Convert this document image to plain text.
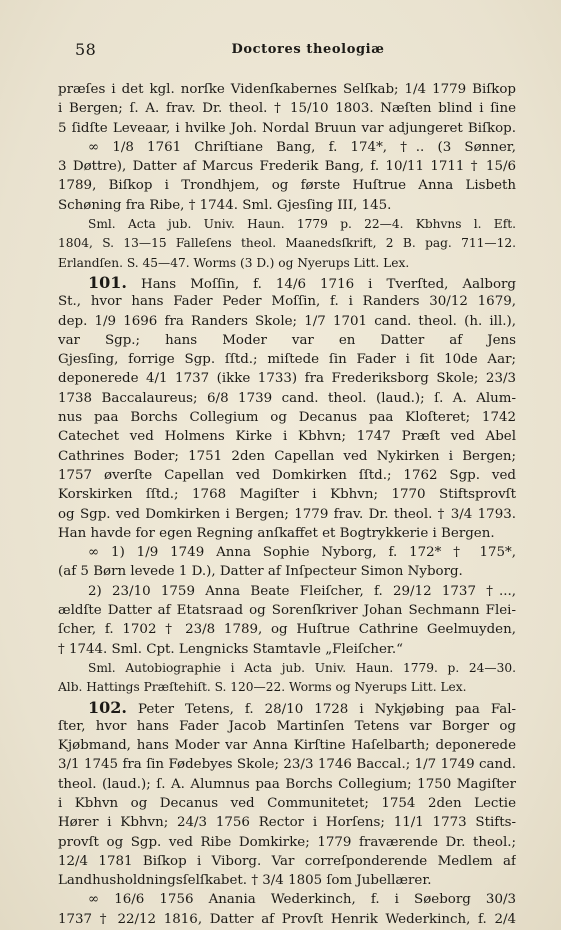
58	Doctores theologiæ
præſes i det kgl. norſke Videnſkabernes Selſkab; 1/4 1779 Biſkop
i Bergen; ſ. A. frav. Dr. theol. † 15/10 1803. Næſten blind i ſine
5 ſidſte Leveaar, i hvilke Joh. Nordal Bruun var adjungeret Biſkop.
∞ 1/8 1761 Chriſtiane Bang, f. 174*, †.. (3 Sønner,
3 Døttre), Datter af Marcus Frederik Bang, f. 10/11 1711 † 15/6
1789, Biſkop i Trondhjem, og første Huſtrue Anna Lisbeth
Schøning fra Ribe, † 1744. Sml. Gjesſing III, 145.
Sml. Acta jub. Univ. Haun. 1779 p. 22—4. Kbhvns l. Eft.
1804, S. 13—15 Falleſens theol. Maanedsſkrift, 2 B. pag. 711—12.
Erlandſen. S. 45—47. Worms (3 D.) og Nyerups Litt. Lex.
101. Hans Moſſin, f. 14/6 1716 i Tverſted, Aalborg
St., hvor hans Fader Peder Moſſin, f. i Randers 30/12 1679,
dep. 1/9 1696 fra Randers Skole; 1/7 1701 cand. theol. (h. ill.),
var Sgp.; hans Moder var en Datter af Jens
Gjesſing, forrige Sgp. ſſtd.; miſtede ſin Fader i ſit 10de Aar;
deponerede 4/1 1737 (ikke 1733) fra Frederiksborg Skole; 23/3
1738 Baccalaureus; 6/8 1739 cand. theol. (laud.); ſ. A. Alum-
nus paa Borchs Collegium og Decanus paa Kloſteret; 1742
Catechet ved Holmens Kirke i Kbhvn; 1747 Præſt ved Abel
Cathrines Boder; 1751 2den Capellan ved Nykirken i Bergen;
1757 øverſte Capellan ved Domkirken ſſtd.; 1762 Sgp. ved
Korskirken ſſtd.; 1768 Magiſter i Kbhvn; 1770 Stiftsprovſt
og Sgp. ved Domkirken i Bergen; 1779 frav. Dr. theol. † 3/4 1793.
Han havde for egen Regning anſkaffet et Bogtrykkerie i Bergen.
∞ 1) 1/9 1749 Anna Sophie Nyborg, f. 172* † 175*,
(af 5 Børn levede 1 D.), Datter af Inſpecteur Simon Nyborg.
2) 23/10 1759 Anna Beate Fleiſcher, f. 29/12 1737 †...,
ældſte Datter af Etatsraad og Sorenſkriver Johan Sechmann Flei-
ſcher, f. 1702 † 23/8 1789, og Huſtrue Cathrine Geelmuyden,
† 1744. Sml. Cpt. Lengnicks Stamtavle „Fleiſcher.“
Sml. Autobiographie i Acta jub. Univ. Haun. 1779. p. 24—30.
Alb. Hattings Præſtehiſt. S. 120—22. Worms og Nyerups Litt. Lex.
102. Peter Tetens, f. 28/10 1728 i Nykjøbing paa Fal-
ſter, hvor hans Fader Jacob Martinſen Tetens var Borger og
Kjøbmand, hans Moder var Anna Kirſtine Haſelbarth; deponerede
3/1 1745 fra ſin Fødebyes Skole; 23/3 1746 Baccal.; 1/7 1749 cand.
theol. (laud.); ſ. A. Alumnus paa Borchs Collegium; 1750 Magiſter
i Kbhvn og Decanus ved Communitetet; 1754 2den Lectie
Hører i Kbhvn; 24/3 1756 Rector i Horſens; 11/1 1773 Stifts-
provſt og Sgp. ved Ribe Domkirke; 1779 fraværende Dr. theol.;
12/4 1781 Biſkop i Viborg. Var correſponderende Medlem af
Landhusholdningsſelſkabet. † 3/4 1805 ſom Jubellærer.
∞ 16/6 1756 Anania Wederkinch, f. i Søeborg 30/3
1737 † 22/12 1816, Datter af Provſt Henrik Wederkinch, f. 2/4
